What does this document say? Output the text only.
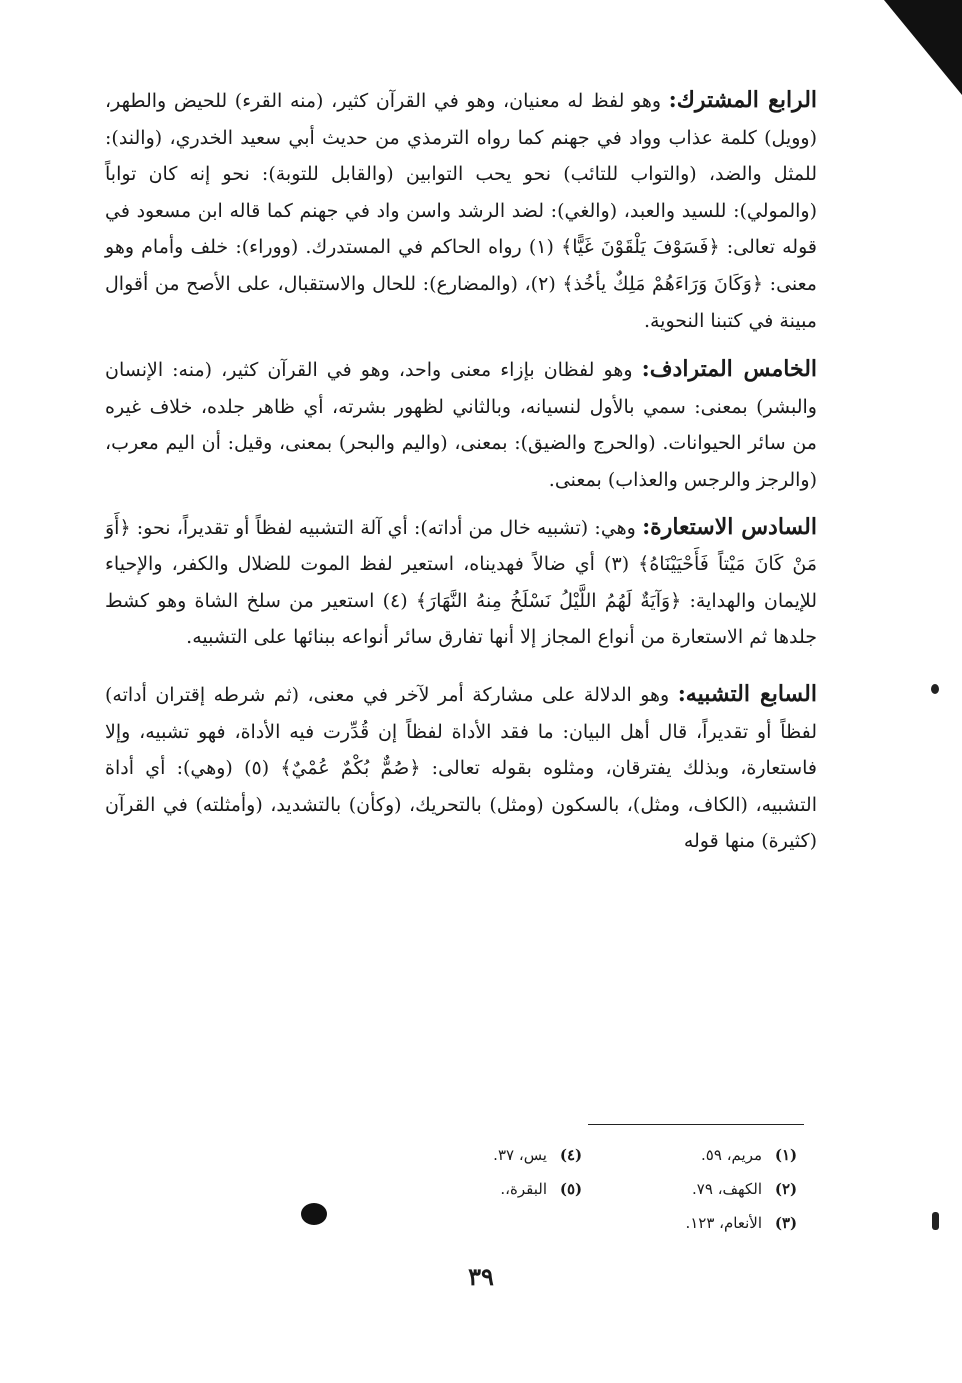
الرابع المشترك: وهو لفظ له معنيان، وهو في القرآن كثير، (منه القرء) للحيض والطهر، (وويل) كلمة عذاب وواد في جهنم كما رواه الترمذي من حديث أبي سعيد الخدري، (والند): للمثل والضد، (والتواب للتائب) نحو يحب التوابين (والقابل للتوبة): نحو إنه كان تواباً (والمولي): للسيد والعبد، (والغي): لضد الرشد واسن واد في جهنم كما قاله ابن مسعود في قوله تعالى: ﴿فَسَوْفَ يَلْقَوْنَ غَيًّا﴾ (١) رواه الحاكم في المستدرك. (ووراء): خلف وأمام وهو معنى: ﴿وَكَانَ وَرَاءَهُمْ مَلِكٌ يأخُذ﴾ (٢)، (والمضارع): للحال والاستقبال، على الأصح من أقوال مبينة في كتبنا النحوية.

الخامس المترادف: وهو لفظان بإزاء معنى واحد، وهو في القرآن كثير، (منه: الإنسان والبشر) بمعنى: سمي بالأول لنسيانه، وبالثاني لظهور بشرته، أي ظاهر جلده، خلاف غيره من سائر الحيوانات. (والحرج والضيق): بمعنى، (واليم والبحر) بمعنى، وقيل: أن اليم معرب، (والرجز والرجس والعذاب) بمعنى.

السادس الاستعارة: وهي: (تشبيه خال من أداته): أي آلة التشبيه لفظاً أو تقديراً، نحو: ﴿أَوَ مَنْ كَانَ مَيْتاً فَأَحْيَيْنَاهُ﴾ (٣) أي ضالاً فهديناه، استعير لفظ الموت للضلال والكفر، والإحياء للإيمان والهداية: ﴿وَآيَةٌ لَهُمُ اللَّيْلُ نَسْلَخُ مِنهُ النَّهَارَ﴾ (٤) استعير من سلخ الشاة وهو كشط جلدها ثم الاستعارة من أنواع المجاز إلا أنها تفارق سائر أنواعه ببنائها على التشبيه.

السابع التشبيه: وهو الدلالة على مشاركة أمر لآخر في معنى، (ثم شرطه إقتران أداته) لفظاً أو تقديراً، قال أهل البيان: ما فقد الأداة لفظاً إن قُدِّرت فيه الأداة، فهو تشبيه، وإلا فاستعارة، وبذلك يفترقان، ومثلوه بقوله تعالى: ﴿صُمٌّ بُكْمٌ عُمْيٌ﴾ (٥) (وهي): أي أداة التشبيه، (الكاف، ومثل)، بالسكون (ومثل) بالتحريك، (وكأن) بالتشديد، (وأمثلته) في القرآن (كثيرة) منها قوله

(١)
مريم، ٥٩.
(٤)
يس، ٣٧.
(٢)
الكهف، ٧٩.
(٥)
البقرة،.
(٣)
الأنعام، ١٢٣.
٣٩
